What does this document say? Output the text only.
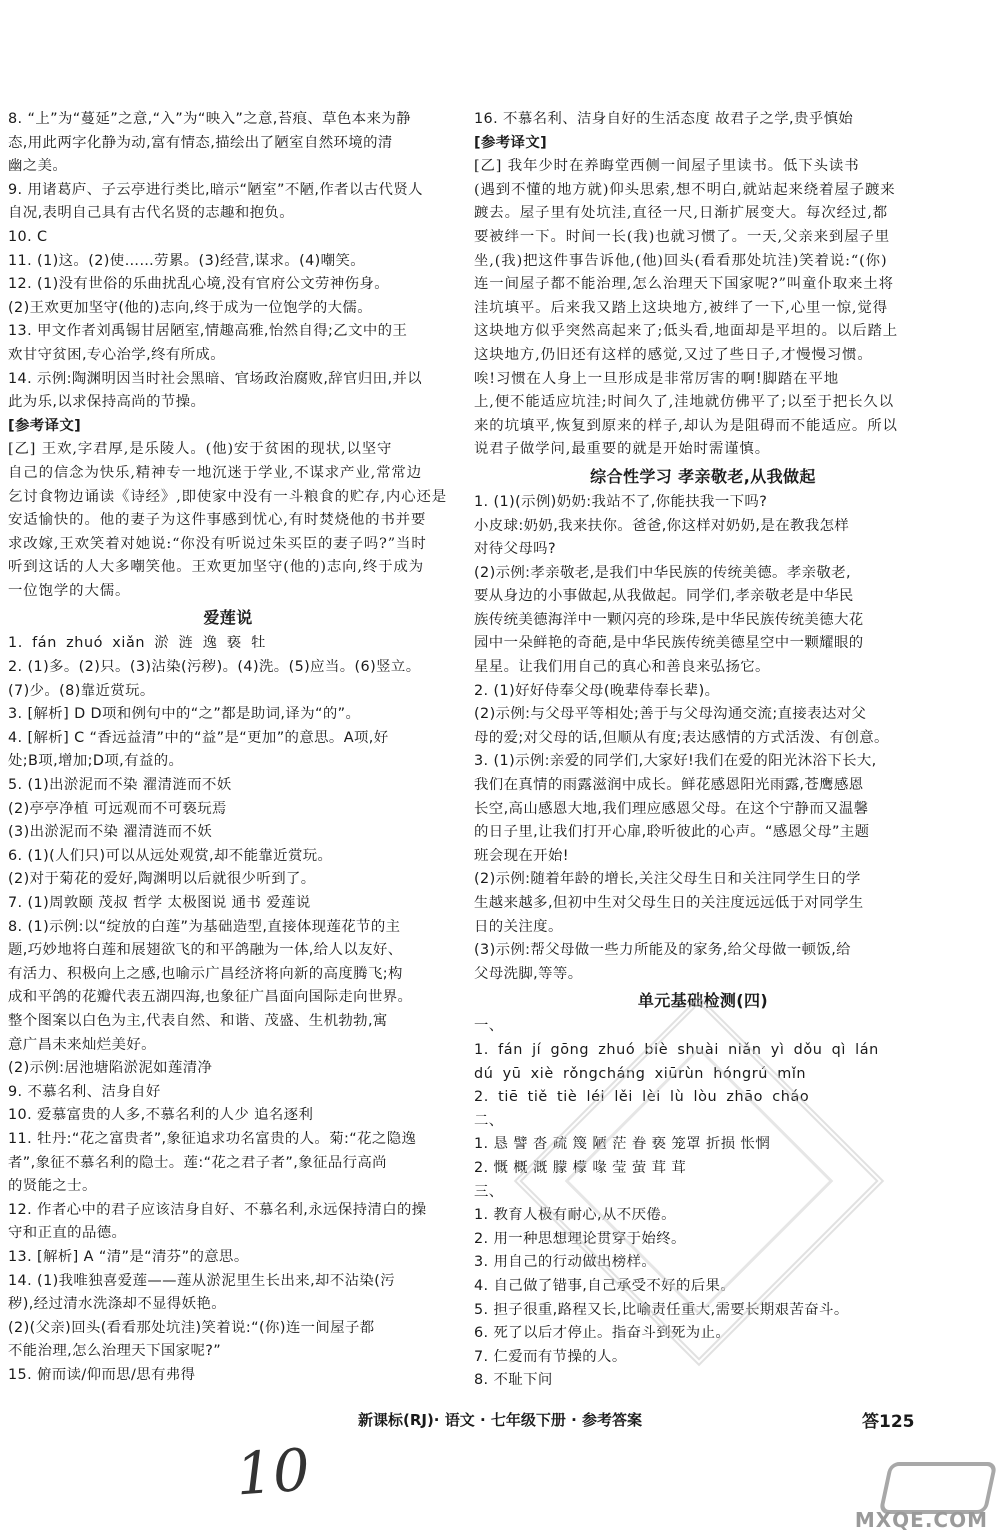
8. “上”为“蔓延”之意,“入”为“映入”之意,苔痕、草色本来为静
态,用此两字化静为动,富有情态,描绘出了陋室自然环境的清
幽之美。
9. 用诸葛庐、子云亭进行类比,暗示“陋室”不陋,作者以古代贤人
自况,表明自己具有古代名贤的志趣和抱负。
10. C
11. (1)这。(2)使……劳累。(3)经营,谋求。(4)嘲笑。
12. (1)没有世俗的乐曲扰乱心境,没有官府公文劳神伤身。
(2)王欢更加坚守(他的)志向,终于成为一位饱学的大儒。
13. 甲文作者刘禹锡甘居陋室,情趣高雅,怡然自得;乙文中的王
欢甘守贫困,专心治学,终有所成。
14. 示例:陶渊明因当时社会黑暗、官场政治腐败,辞官归田,并以
此为乐,以求保持高尚的节操。
[参考译文]
[乙] 王欢,字君厚,是乐陵人。(他)安于贫困的现状,以坚守
自己的信念为快乐,精神专一地沉迷于学业,不谋求产业,常常边
乞讨食物边诵读《诗经》,即使家中没有一斗粮食的贮存,内心还是
安适愉快的。他的妻子为这件事感到忧心,有时焚烧他的书并要
求改嫁,王欢笑着对她说:“你没有听说过朱买臣的妻子吗?”当时
听到这话的人大多嘲笑他。王欢更加坚守(他的)志向,终于成为
一位饱学的大儒。
爱莲说
1. fán zhuó xiǎn 淤 涟 逸 亵 牡
2. (1)多。(2)只。(3)沾染(污秽)。(4)洗。(5)应当。(6)竖立。
(7)少。(8)靠近赏玩。
3. [解析] D D项和例句中的“之”都是助词,译为“的”。
4. [解析] C “香远益清”中的“益”是“更加”的意思。A项,好
处;B项,增加;D项,有益的。
5. (1)出淤泥而不染 濯清涟而不妖
(2)亭亭净植 可远观而不可亵玩焉
(3)出淤泥而不染 濯清涟而不妖
6. (1)(人们只)可以从远处观赏,却不能靠近赏玩。
(2)对于菊花的爱好,陶渊明以后就很少听到了。
7. (1)周敦颐 茂叔 哲学 太极图说 通书 爱莲说
8. (1)示例:以“绽放的白莲”为基础造型,直接体现莲花节的主
题,巧妙地将白莲和展翅欲飞的和平鸽融为一体,给人以友好、
有活力、积极向上之感,也喻示广昌经济将向新的高度腾飞;构
成和平鸽的花瓣代表五湖四海,也象征广昌面向国际走向世界。
整个图案以白色为主,代表自然、和谐、茂盛、生机勃勃,寓
意广昌未来灿烂美好。
(2)示例:居池塘陷淤泥如莲清净
9. 不慕名利、洁身自好
10. 爱慕富贵的人多,不慕名利的人少 追名逐利
11. 牡丹:“花之富贵者”,象征追求功名富贵的人。菊:“花之隐逸
者”,象征不慕名利的隐士。莲:“花之君子者”,象征品行高尚
的贤能之士。
12. 作者心中的君子应该洁身自好、不慕名利,永远保持清白的操
守和正直的品德。
13. [解析] A “清”是“清芬”的意思。
14. (1)我唯独喜爱莲——莲从淤泥里生长出来,却不沾染(污
秽),经过清水洗涤却不显得妖艳。
(2)(父亲)回头(看看那处坑洼)笑着说:“(你)连一间屋子都
不能治理,怎么治理天下国家呢?”
15. 俯而读/仰而思/思有弗得
16. 不慕名利、洁身自好的生活态度 故君子之学,贵乎慎始
[参考译文]
[乙] 我年少时在养晦堂西侧一间屋子里读书。低下头读书
(遇到不懂的地方就)仰头思索,想不明白,就站起来绕着屋子踱来
踱去。屋子里有处坑洼,直径一尺,日渐扩展变大。每次经过,都
要被绊一下。时间一长(我)也就习惯了。一天,父亲来到屋子里
坐,(我)把这件事告诉他,(他)回头(看看那处坑洼)笑着说:“(你)
连一间屋子都不能治理,怎么治理天下国家呢?”叫童仆取来土将
洼坑填平。后来我又踏上这块地方,被绊了一下,心里一惊,觉得
这块地方似乎突然高起来了;低头看,地面却是平坦的。以后踏上
这块地方,仍旧还有这样的感觉,又过了些日子,才慢慢习惯。
唉!习惯在人身上一旦形成是非常厉害的啊!脚踏在平地
上,便不能适应坑洼;时间久了,洼地就仿佛平了;以至于把长久以
来的坑填平,恢复到原来的样子,却认为是阻碍而不能适应。所以
说君子做学问,最重要的就是开始时需谨慎。
综合性学习 孝亲敬老,从我做起
1. (1)(示例)奶奶:我站不了,你能扶我一下吗?
小皮球:奶奶,我来扶你。爸爸,你这样对奶奶,是在教我怎样
对待父母吗?
(2)示例:孝亲敬老,是我们中华民族的传统美德。孝亲敬老,
要从身边的小事做起,从我做起。同学们,孝亲敬老是中华民
族传统美德海洋中一颗闪亮的珍珠,是中华民族传统美德大花
园中一朵鲜艳的奇葩,是中华民族传统美德星空中一颗耀眼的
星星。让我们用自己的真心和善良来弘扬它。
2. (1)好好侍奉父母(晚辈侍奉长辈)。
(2)示例:与父母平等相处;善于与父母沟通交流;直接表达对父
母的爱;对父母的话,但顺从有度;表达感情的方式活泼、有创意。
3. (1)示例:亲爱的同学们,大家好!我们在爱的阳光沐浴下长大,
我们在真情的雨露滋润中成长。鲜花感恩阳光雨露,苍鹰感恩
长空,高山感恩大地,我们理应感恩父母。在这个宁静而又温馨
的日子里,让我们打开心扉,聆听彼此的心声。“感恩父母”主题
班会现在开始!
(2)示例:随着年龄的增长,关注父母生日和关注同学生日的学
生越来越多,但初中生对父母生日的关注度远远低于对同学生
日的关注度。
(3)示例:帮父母做一些力所能及的家务,给父母做一顿饭,给
父母洗脚,等等。
单元基础检测(四)
一、
1. fán jí gōng zhuó biè shuài niǎn yì dǒu qì lán
dú yū xiè rǒngcháng xiūrùn hóngrú mǐn
2. tiē tiě tiè léi lěi lèi lù lòu zhāo cháo
二、
1. 恳 譬 沓 疏 篾 陋 茫 眷 亵 笼罩 折损 怅惘
2. 慨 概 溉 朦 檬 喙 莹 萤 茸 茸
三、
1. 教育人极有耐心,从不厌倦。
2. 用一种思想理论贯穿于始终。
3. 用自己的行动做出榜样。
4. 自己做了错事,自己承受不好的后果。
5. 担子很重,路程又长,比喻责任重大,需要长期艰苦奋斗。
6. 死了以后才停止。指奋斗到死为止。
7. 仁爱而有节操的人。
8. 不耻下问
新课标(RJ)· 语文 · 七年级下册 · 参考答案	答125
10
MXQE.COM
